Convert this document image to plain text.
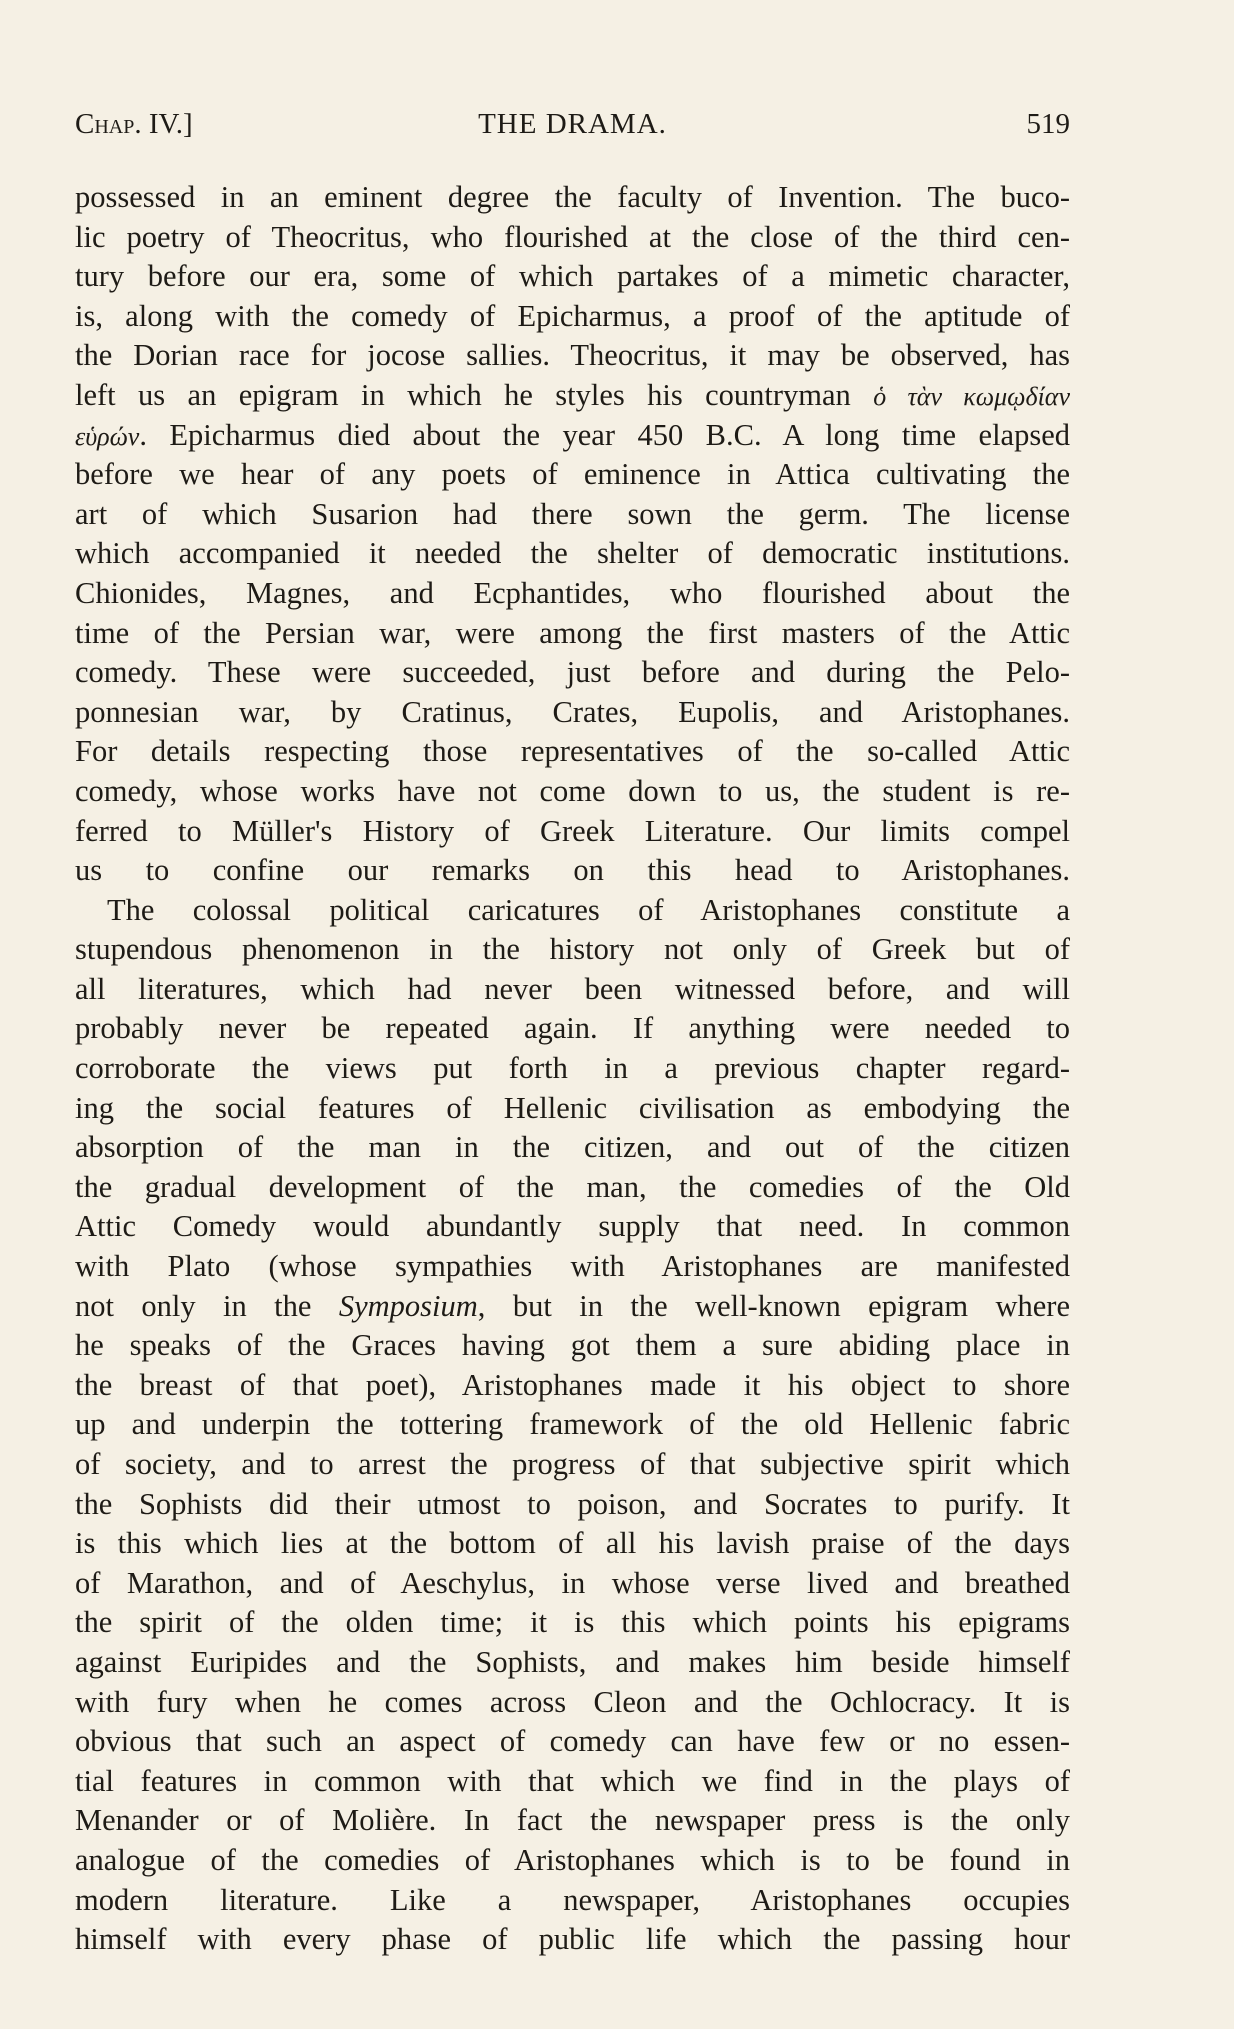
Chap. IV.]	THE DRAMA.	519
possessed in an eminent degree the faculty of Invention. The buco-
lic poetry of Theocritus, who flourished at the close of the third cen-
tury before our era, some of which partakes of a mimetic character,
is, along with the comedy of Epicharmus, a proof of the aptitude of
the Dorian race for jocose sallies. Theocritus, it may be observed, has
left us an epigram in which he styles his countryman ὁ τὰν κωμῳδίαν
εὑρών. Epicharmus died about the year 450 B.C. A long time elapsed
before we hear of any poets of eminence in Attica cultivating the
art of which Susarion had there sown the germ. The license
which accompanied it needed the shelter of democratic institutions.
Chionides, Magnes, and Ecphantides, who flourished about the
time of the Persian war, were among the first masters of the Attic
comedy. These were succeeded, just before and during the Pelo-
ponnesian war, by Cratinus, Crates, Eupolis, and Aristophanes.
For details respecting those representatives of the so-called Attic
comedy, whose works have not come down to us, the student is re-
ferred to Müller's History of Greek Literature. Our limits compel
us to confine our remarks on this head to Aristophanes.
The colossal political caricatures of Aristophanes constitute a
stupendous phenomenon in the history not only of Greek but of
all literatures, which had never been witnessed before, and will
probably never be repeated again. If anything were needed to
corroborate the views put forth in a previous chapter regard-
ing the social features of Hellenic civilisation as embodying the
absorption of the man in the citizen, and out of the citizen
the gradual development of the man, the comedies of the Old
Attic Comedy would abundantly supply that need. In common
with Plato (whose sympathies with Aristophanes are manifested
not only in the Symposium, but in the well-known epigram where
he speaks of the Graces having got them a sure abiding place in
the breast of that poet), Aristophanes made it his object to shore
up and underpin the tottering framework of the old Hellenic fabric
of society, and to arrest the progress of that subjective spirit which
the Sophists did their utmost to poison, and Socrates to purify. It
is this which lies at the bottom of all his lavish praise of the days
of Marathon, and of Aeschylus, in whose verse lived and breathed
the spirit of the olden time; it is this which points his epigrams
against Euripides and the Sophists, and makes him beside himself
with fury when he comes across Cleon and the Ochlocracy. It is
obvious that such an aspect of comedy can have few or no essen-
tial features in common with that which we find in the plays of
Menander or of Molière. In fact the newspaper press is the only
analogue of the comedies of Aristophanes which is to be found in
modern literature. Like a newspaper, Aristophanes occupies
himself with every phase of public life which the passing hour
